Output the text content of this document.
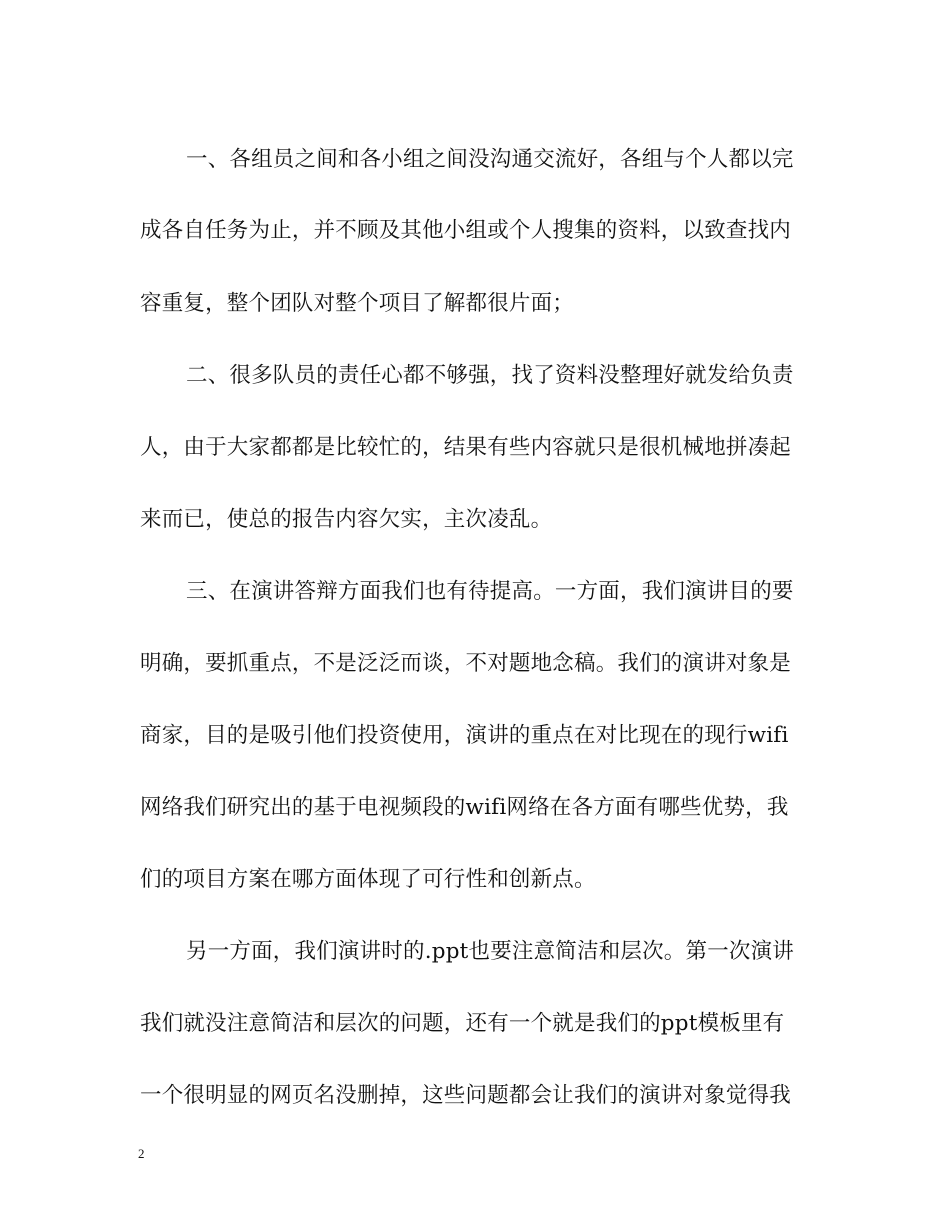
一、各组员之间和各小组之间没沟通交流好，各组与个人都以完
成各自任务为止，并不顾及其他小组或个人搜集的资料，以致查找内
容重复，整个团队对整个项目了解都很片面；
二、很多队员的责任心都不够强，找了资料没整理好就发给负责
人，由于大家都都是比较忙的，结果有些内容就只是很机械地拼凑起
来而已，使总的报告内容欠实，主次凌乱。
三、在演讲答辩方面我们也有待提高。一方面，我们演讲目的要
明确，要抓重点，不是泛泛而谈，不对题地念稿。我们的演讲对象是
商家，目的是吸引他们投资使用，演讲的重点在对比现在的现行wifi
网络我们研究出的基于电视频段的wifi网络在各方面有哪些优势，我
们的项目方案在哪方面体现了可行性和创新点。
另一方面，我们演讲时的.ppt也要注意简洁和层次。第一次演讲
我们就没注意简洁和层次的问题，还有一个就是我们的ppt模板里有
一个很明显的网页名没删掉，这些问题都会让我们的演讲对象觉得我
2
